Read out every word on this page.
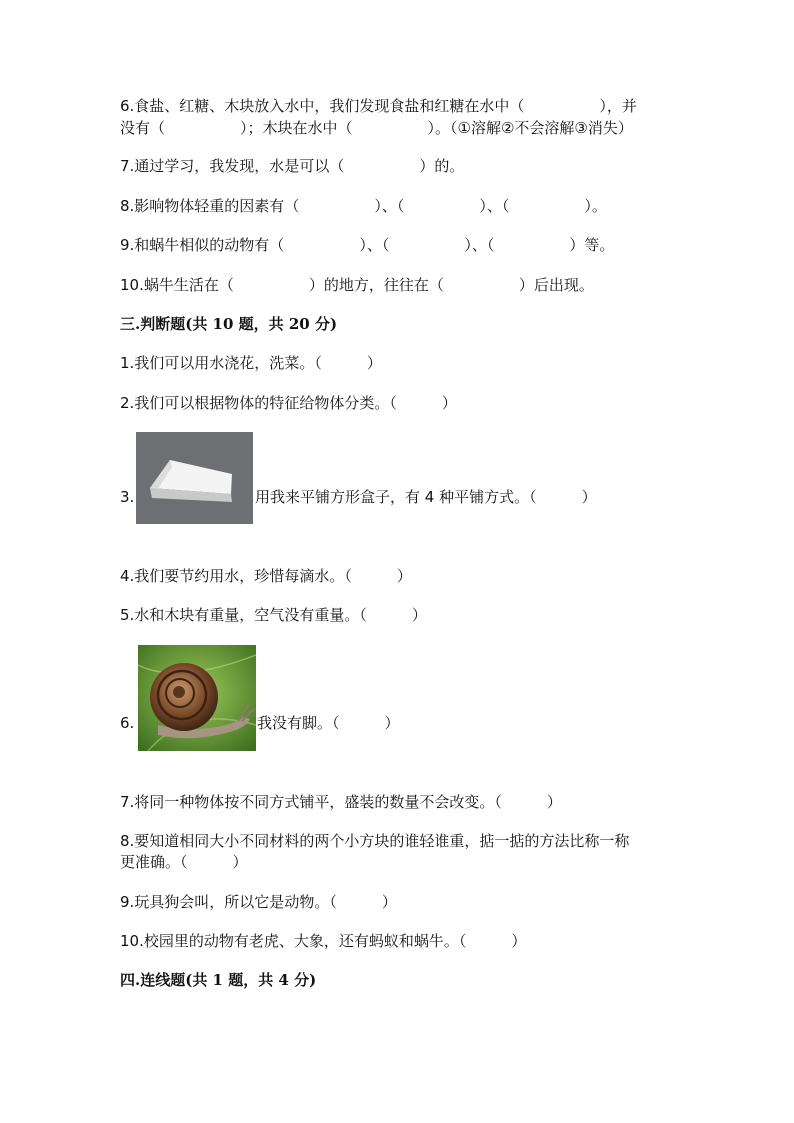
6.食盐、红糖、木块放入水中，我们发现食盐和红糖在水中（　　　　　），并
没有（　　　　　）；木块在水中（　　　　　）。（①溶解②不会溶解③消失）
7.通过学习，我发现，水是可以（　　　　　）的。
8.影响物体轻重的因素有（　　　　　）、（　　　　　）、（　　　　　）。
9.和蜗牛相似的动物有（　　　　　）、（　　　　　）、（　　　　　）等。
10.蜗牛生活在（　　　　　）的地方，往往在（　　　　　）后出现。
三.判断题(共 10 题，共 20 分)
1.我们可以用水浇花，洗菜。（　　　）
2.我们可以根据物体的特征给物体分类。（　　　）
3.	用我来平铺方形盒子，有 4 种平铺方式。（　　　）
4.我们要节约用水，珍惜每滴水。（　　　）
5.水和木块有重量，空气没有重量。（　　　）
6.	我没有脚。（　　　）
7.将同一种物体按不同方式铺平，盛装的数量不会改变。（　　　）
8.要知道相同大小不同材料的两个小方块的谁轻谁重，掂一掂的方法比称一称
更准确。（　　　）
9.玩具狗会叫，所以它是动物。（　　　）
10.校园里的动物有老虎、大象，还有蚂蚁和蜗牛。（　　　）
四.连线题(共 1 题，共 4 分)
